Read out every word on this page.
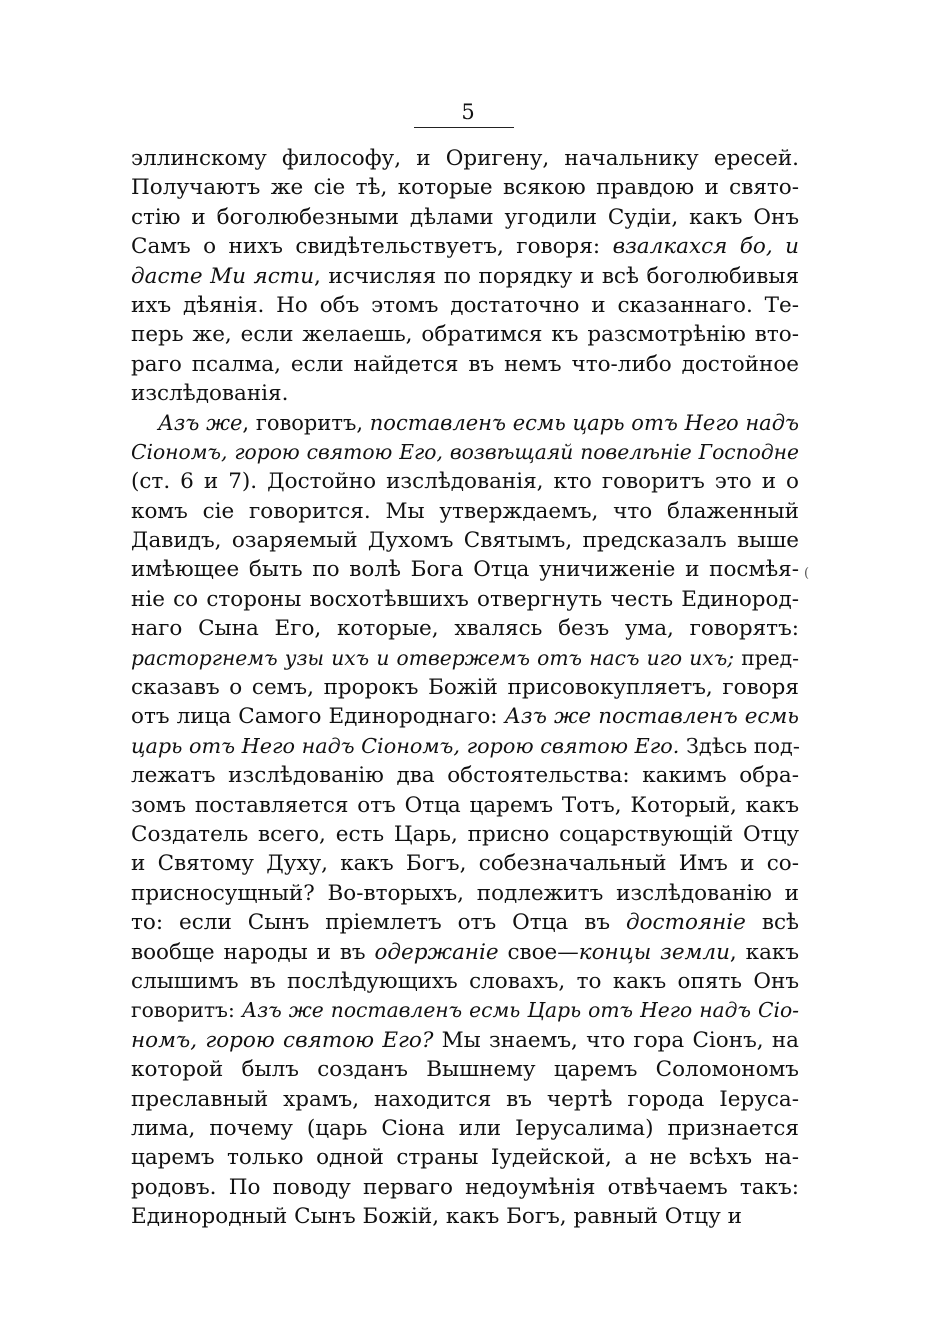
5
(
эллинскому философу, и Оригену, начальнику ересей.
Получаютъ же сіе тѣ, которые всякою правдою и свято-
стію и боголюбезными дѣлами угодили Судіи, какъ Онъ
Самъ о нихъ свидѣтельствуетъ, говоря: взалкахся бо, и
дасте Ми ясти, исчисляя по порядку и всѣ боголюбивыя
ихъ дѣянія. Но объ этомъ достаточно и сказаннаго. Те-
перь же, если желаешь, обратимся къ разсмотрѣнію вто-
раго псалма, если найдется въ немъ что-либо достойное
изслѣдованія.
Азъ же, говоритъ, поставленъ есмь царь отъ Него надъ
Сіономъ, горою святою Его, возвѣщаяй повелѣніе Господне
(ст. 6 и 7). Достойно изслѣдованія, кто говоритъ это и о
комъ сіе говорится. Мы утверждаемъ, что блаженный
Давидъ, озаряемый Духомъ Святымъ, предсказалъ выше
имѣющее быть по волѣ Бога Отца уничиженіе и посмѣя-
ніе со стороны восхотѣвшихъ отвергнуть честь Единород-
наго Сына Его, которые, хвалясь безъ ума, говорятъ:
расторгнемъ узы ихъ и отвержемъ отъ насъ иго ихъ; пред-
сказавъ о семъ, пророкъ Божій присовокупляетъ, говоря
отъ лица Самого Единороднаго: Азъ же поставленъ есмь
царь отъ Него надъ Сіономъ, горою святою Его. Здѣсь под-
лежатъ изслѣдованію два обстоятельства: какимъ обра-
зомъ поставляется отъ Отца царемъ Тотъ, Который, какъ
Создатель всего, есть Царь, присно соцарствующій Отцу
и Святому Духу, какъ Богъ, собезначальный Имъ и со-
присносущный? Во-вторыхъ, подлежитъ изслѣдованію и
то: если Сынъ пріемлетъ отъ Отца въ достояніе всѣ
вообще народы и въ одержаніе свое—концы земли, какъ
слышимъ въ послѣдующихъ словахъ, то какъ опять Онъ
говоритъ: Азъ же поставленъ есмь Царь отъ Него надъ Сіо-
номъ, горою святою Его? Мы знаемъ, что гора Сіонъ, на
которой былъ созданъ Вышнему царемъ Соломономъ
преславный храмъ, находится въ чертѣ города Іеруса-
лима, почему (царь Сіона или Іерусалима) признается
царемъ только одной страны Іудейской, а не всѣхъ на-
родовъ. По поводу перваго недоумѣнія отвѣчаемъ такъ:
Единородный Сынъ Божій, какъ Богъ, равный Отцу и
